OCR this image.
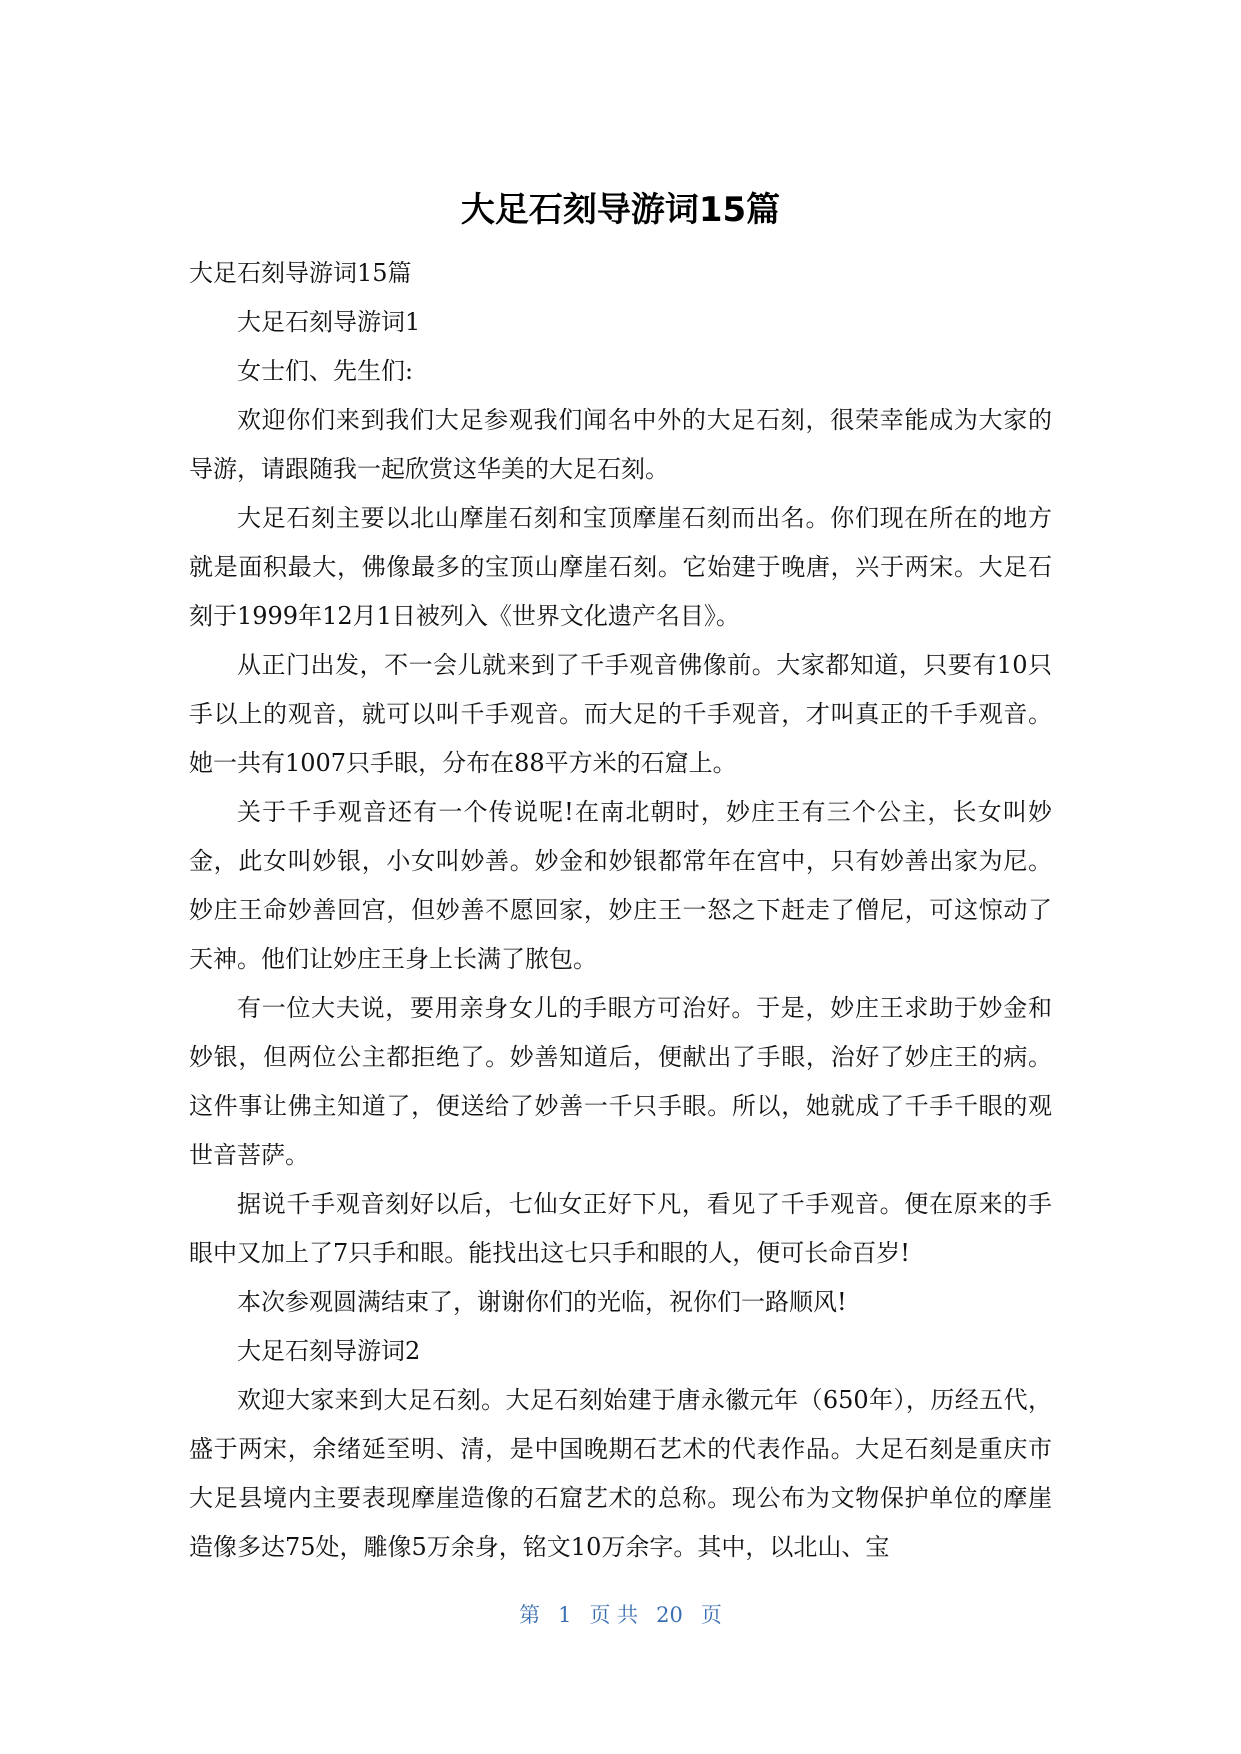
大足石刻导游词15篇

大足石刻导游词15篇

大足石刻导游词1

女士们、先生们:

欢迎你们来到我们大足参观我们闻名中外的大足石刻，很荣幸能成为大家的导游，请跟随我一起欣赏这华美的大足石刻。

大足石刻主要以北山摩崖石刻和宝顶摩崖石刻而出名。你们现在所在的地方就是面积最大，佛像最多的宝顶山摩崖石刻。它始建于晚唐，兴于两宋。大足石刻于1999年12月1日被列入《世界文化遗产名目》。

从正门出发，不一会儿就来到了千手观音佛像前。大家都知道，只要有10只手以上的观音，就可以叫千手观音。而大足的千手观音，才叫真正的千手观音。她一共有1007只手眼，分布在88平方米的石窟上。

关于千手观音还有一个传说呢!在南北朝时，妙庄王有三个公主，长女叫妙金，此女叫妙银，小女叫妙善。妙金和妙银都常年在宫中，只有妙善出家为尼。妙庄王命妙善回宫，但妙善不愿回家，妙庄王一怒之下赶走了僧尼，可这惊动了天神。他们让妙庄王身上长满了脓包。

有一位大夫说，要用亲身女儿的手眼方可治好。于是，妙庄王求助于妙金和妙银，但两位公主都拒绝了。妙善知道后，便献出了手眼，治好了妙庄王的病。这件事让佛主知道了，便送给了妙善一千只手眼。所以，她就成了千手千眼的观世音菩萨。

据说千手观音刻好以后，七仙女正好下凡，看见了千手观音。便在原来的手眼中又加上了7只手和眼。能找出这七只手和眼的人，便可长命百岁!

本次参观圆满结束了，谢谢你们的光临，祝你们一路顺风!

大足石刻导游词2

欢迎大家来到大足石刻。大足石刻始建于唐永徽元年（650年），历经五代，盛于两宋，余绪延至明、清，是中国晚期石艺术的代表作品。大足石刻是重庆市大足县境内主要表现摩崖造像的石窟艺术的总称。现公布为文物保护单位的摩崖造像多达75处，雕像5万余身，铭文10万余字。其中，以北山、宝

第 1 页 共 20 页
